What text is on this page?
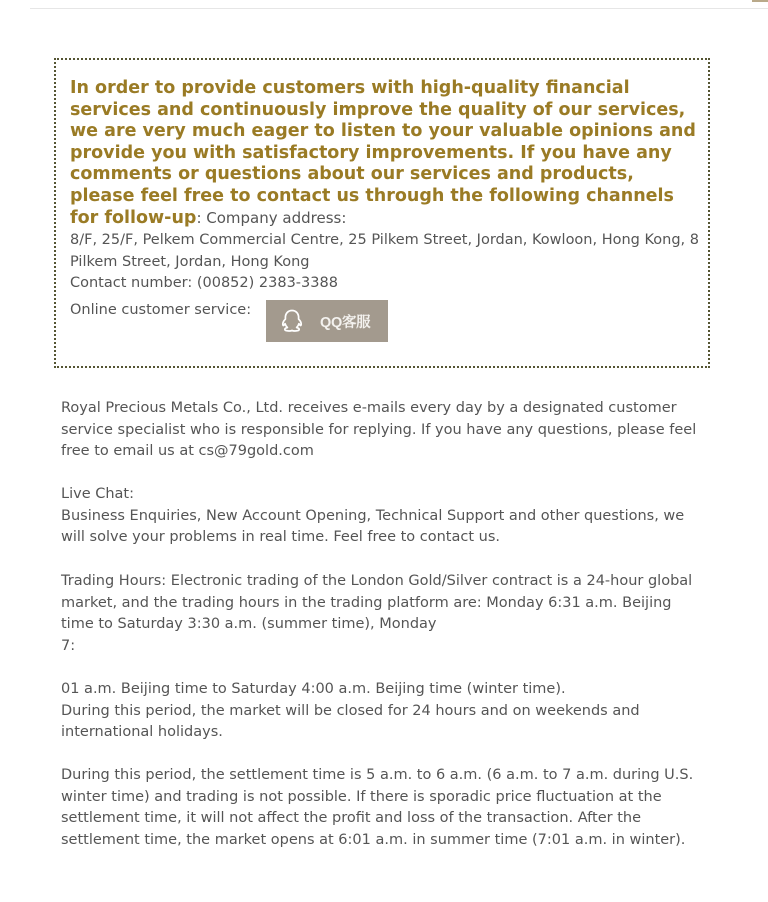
In order to provide customers with high-quality financial services and continuously improve the quality of our services, we are very much eager to listen to your valuable opinions and provide you with satisfactory improvements. If you have any comments or questions about our services and products, please feel free to contact us through the following channels for follow-up: Company address:

8/F, 25/F, Pelkem Commercial Centre, 25 Pilkem Street, Jordan, Kowloon, Hong Kong, 8 Pilkem Street, Jordan, Hong Kong

Contact number: (00852) 2383-3388

Online customer service:

QQ客服

Royal Precious Metals Co., Ltd. receives e-mails every day by a designated customer service specialist who is responsible for replying. If you have any questions, please feel free to email us at cs@79gold.com

Live Chat:
Business Enquiries, New Account Opening, Technical Support and other questions, we will solve your problems in real time. Feel free to contact us.
Trading Hours: Electronic trading of the London Gold/Silver contract is a 24-hour global market, and the trading hours in the trading platform are: Monday 6:31 a.m. Beijing time to Saturday 3:30 a.m. (summer time), Monday
7:
01 a.m. Beijing time to Saturday 4:00 a.m. Beijing time (winter time).
During this period, the market will be closed for 24 hours and on weekends and international holidays.

During this period, the settlement time is 5 a.m. to 6 a.m. (6 a.m. to 7 a.m. during U.S. winter time) and trading is not possible. If there is sporadic price fluctuation at the settlement time, it will not affect the profit and loss of the transaction. After the settlement time, the market opens at 6:01 a.m. in summer time (7:01 a.m. in winter).
